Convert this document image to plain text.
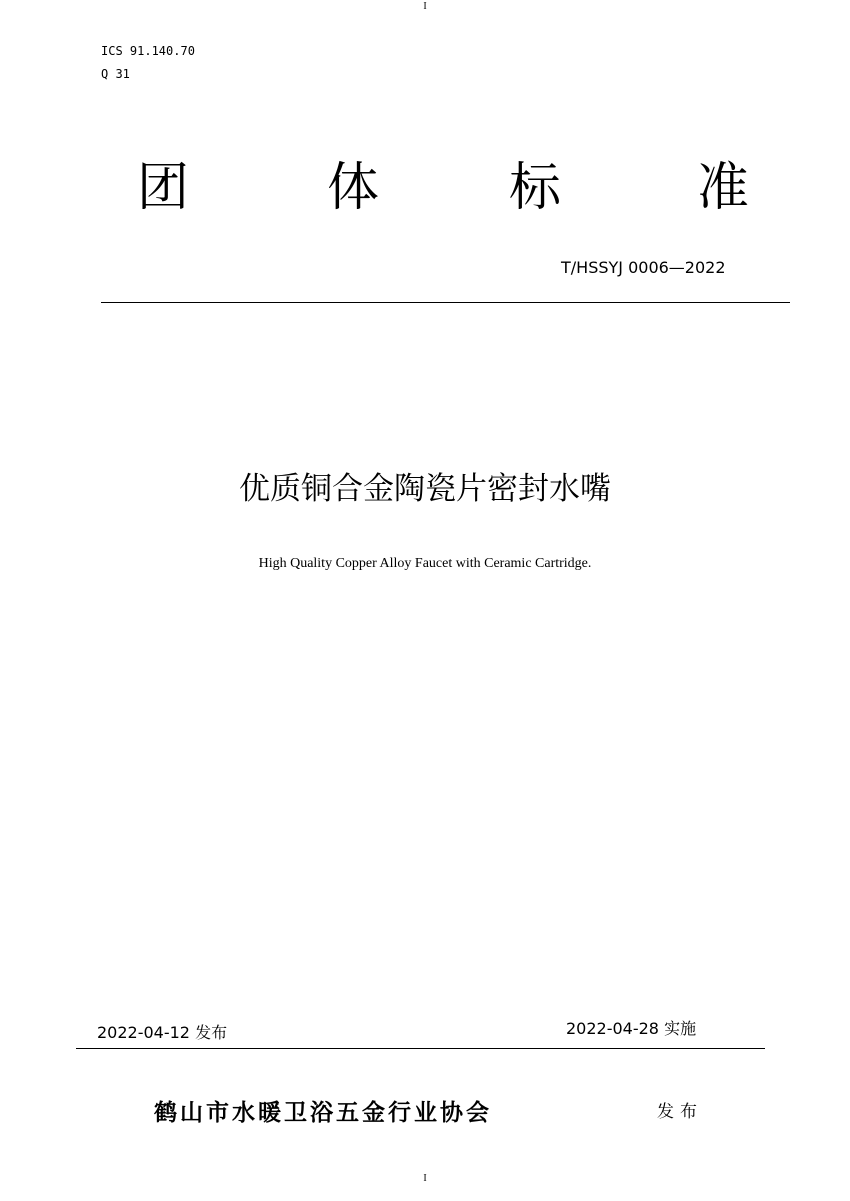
I
ICS 91.140.70
Q 31
团	体 标	准
T/HSSYJ 0006—2022
优质铜合金陶瓷片密封水嘴
High Quality Copper Alloy Faucet with Ceramic Cartridge.
2022-04-12 发布	2022-04-28 实施
鹤山市水暖卫浴五金行业协会	发布
I
